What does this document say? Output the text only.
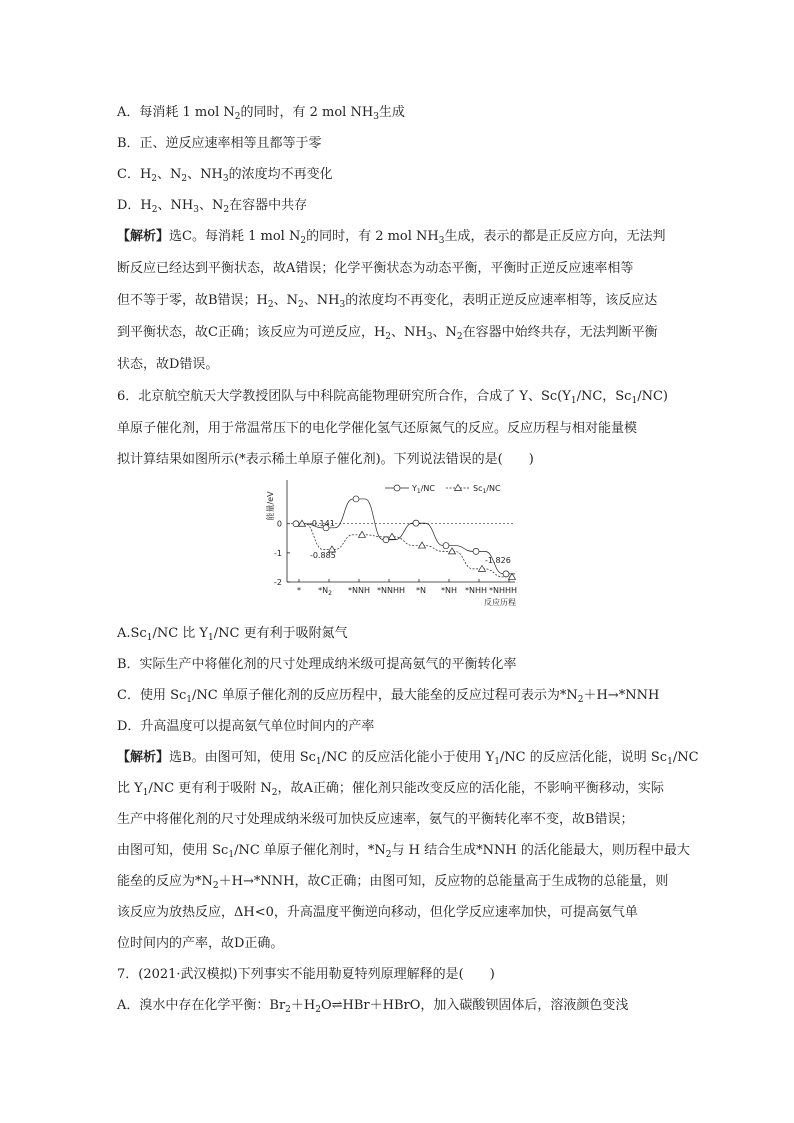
A．每消耗 1 mol $N_2$的同时，有 2 mol $NH_3$生成
B．正、逆反应速率相等且都等于零
C．$H_2$、$N_2$、$NH_3$的浓度均不再变化
D．$H_2$、$NH_3$、$N_2$在容器中共存
【解析】选C。每消耗 1 mol $N_2$的同时，有 2 mol $NH_3$生成，表示的都是正反应方向，无法判
断反应已经达到平衡状态，故A错误；化学平衡状态为动态平衡，平衡时正逆反应速率相等
但不等于零，故B错误；$H_2$、$N_2$、$NH_3$的浓度均不再变化，表明正逆反应速率相等，该反应达
到平衡状态，故C正确；该反应为可逆反应，$H_2$、$NH_3$、$N_2$在容器中始终共存，无法判断平衡
状态，故D错误。
6．北京航空航天大学教授团队与中科院高能物理研究所合作，合成了 Y、$Sc(Y_1/NC$，$Sc_1/NC$)
单原子催化剂，用于常温常压下的电化学催化氢气还原氮气的反应。反应历程与相对能量模
拟计算结果如图所示(*表示稀土单原子催化剂)。下列说法错误的是(　　)
能量/eV
0
-1
-2
* $*N_2$ *NNH *NNHH *N *NH *NHH *NHHH
反应历程
$Y_1/NC$	$Sc_1/NC$
-0.141
-0.885
-1.826
$A.Sc_1/NC$ 比 $Y_1/NC$ 更有利于吸附氮气
B．实际生产中将催化剂的尺寸处理成纳米级可提高氨气的平衡转化率
C．使用 $Sc_1/NC$ 单原子催化剂的反应历程中，最大能垒的反应过程可表示为$*N_2+H\to*NNH$
D．升高温度可以提高氨气单位时间内的产率
【解析】选B。由图可知，使用 $Sc_1/NC$ 的反应活化能小于使用 $Y_1/NC$ 的反应活化能，说明 $Sc_1/NC$
比 $Y_1/NC$ 更有利于吸附 $N_2$，故A正确；催化剂只能改变反应的活化能，不影响平衡移动，实际
生产中将催化剂的尺寸处理成纳米级可加快反应速率，氨气的平衡转化率不变，故B错误；
由图可知，使用 $Sc_1/NC$ 单原子催化剂时，$*N_2$与 H 结合生成*NNH 的活化能最大，则历程中最大
能垒的反应为$*N_2+H\to*NNH$，故C正确；由图可知，反应物的总能量高于生成物的总能量，则
该反应为放热反应，ΔH<0，升高温度平衡逆向移动，但化学反应速率加快，可提高氨气单
位时间内的产率，故D正确。
7．(2021·武汉模拟)下列事实不能用勒夏特列原理解释的是(　　)
A．溴水中存在化学平衡：$Br_2+H_2O\rightleftharpoons HBr+HBrO$，加入碳酸钡固体后，溶液颜色变浅
